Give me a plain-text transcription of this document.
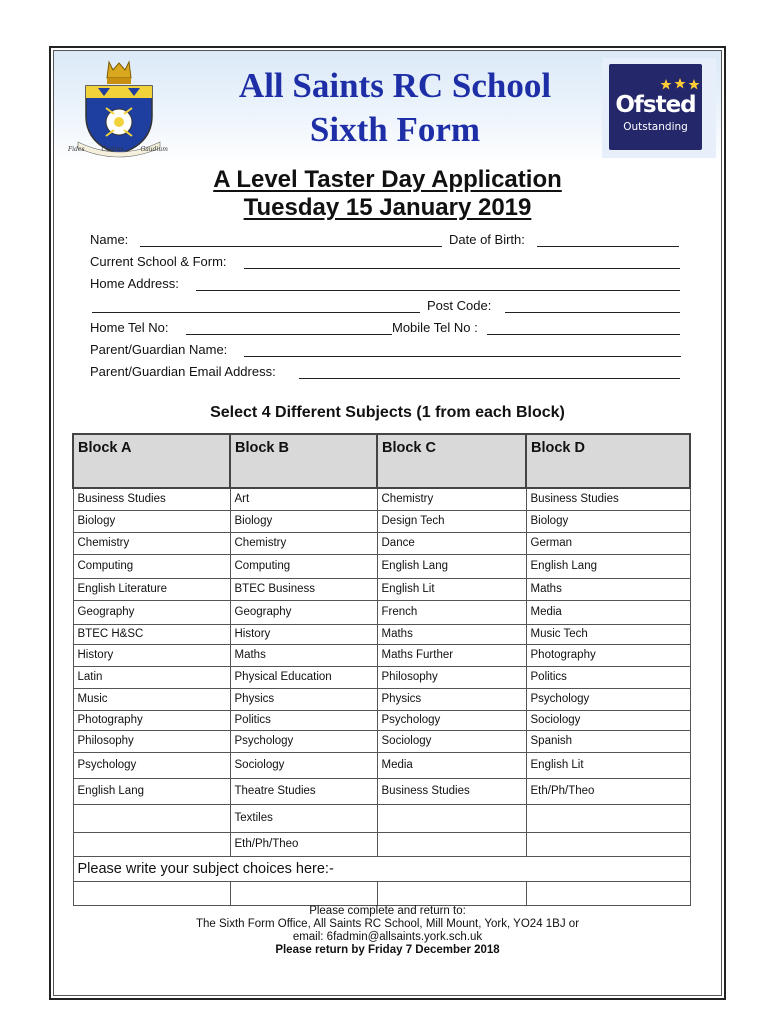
Fides	Caritas	Gaudium
All Saints RC School
Sixth Form
Ofsted
Outstanding
A Level Taster Day Application
Tuesday 15 January 2019
Name:	Date of Birth:
Current School & Form:
Home Address:
Post Code:
Home Tel No:	Mobile Tel No :
Parent/Guardian Name:
Parent/Guardian Email Address:
Select 4 Different Subjects (1 from each Block)
Block A	Block B	Block C	Block D
Business Studies	Art	Chemistry	Business Studies
Biology	Biology	Design Tech	Biology
Chemistry	Chemistry	Dance	German
Computing	Computing	English Lang	English Lang
English Literature	BTEC Business	English Lit	Maths
Geography	Geography	French	Media
BTEC H&SC	History	Maths	Music Tech
History	Maths	Maths Further	Photography
Latin	Physical Education	Philosophy	Politics
Music	Physics	Physics	Psychology
Photography	Politics	Psychology	Sociology
Philosophy	Psychology	Sociology	Spanish
Psychology	Sociology	Media	English Lit
English Lang	Theatre Studies	Business Studies	Eth/Ph/Theo
	Textiles		
	Eth/Ph/Theo		
Please write your subject choices here:-			

Please complete and return to:
The Sixth Form Office, All Saints RC School, Mill Mount, York, YO24 1BJ or
email: 6fadmin@allsaints.york.sch.uk
Please return by Friday 7 December 2018
